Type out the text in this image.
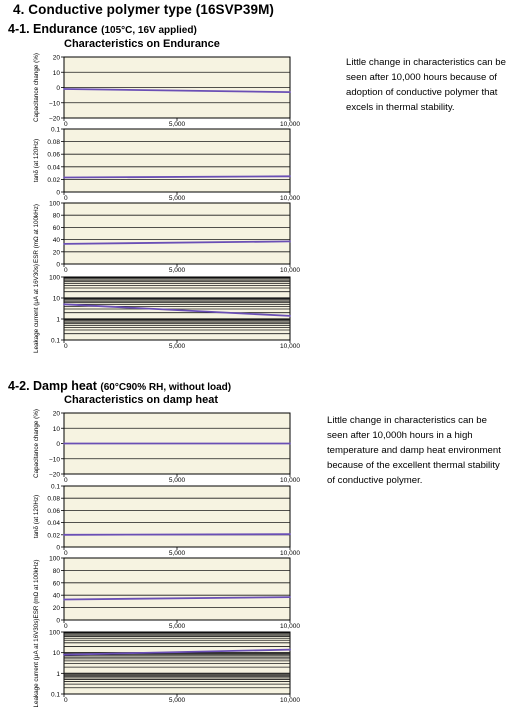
4. Conductive polymer type (16SVP39M)
4-1. Endurance (105°C, 16V applied)
Characteristics on Endurance
Little change in characteristics can be seen after 10,000 hours because of adoption of conductive polymer that excels in thermal stability.
4-2. Damp heat (60°C90% RH, without load)
Characteristics on damp heat
Little change in characteristics can be seen after 10,000h hours in a high temperature and damp heat environment because of the excellent thermal stability of conductive polymer.
20
10
0
−10
−20
0	5,000	10,000
Capacitance change (%)
0.1
0.08
0.06
0.04
0.02
0
0	5,000	10,000
tanδ (at 120Hz)
100
80
60
40
20
0
0	5,000	10,000
ESR (mΩ at 100kHz)
100
10
1
0.1
0	5,000	10,000
Leakage current (μA at 16V30s)
20
10
0
−10
−20
0	5,000	10,000
Capacitance change (%)
0.1
0.08
0.06
0.04
0.02
0
0	5,000	10,000
tanδ (at 120Hz)
100
80
60
40
20
0
0	5,000	10,000
ESR (mΩ at 100kHz)
100
10
1
0.1
0	5,000	10,000
Leakage current (μA at 16V30s)
